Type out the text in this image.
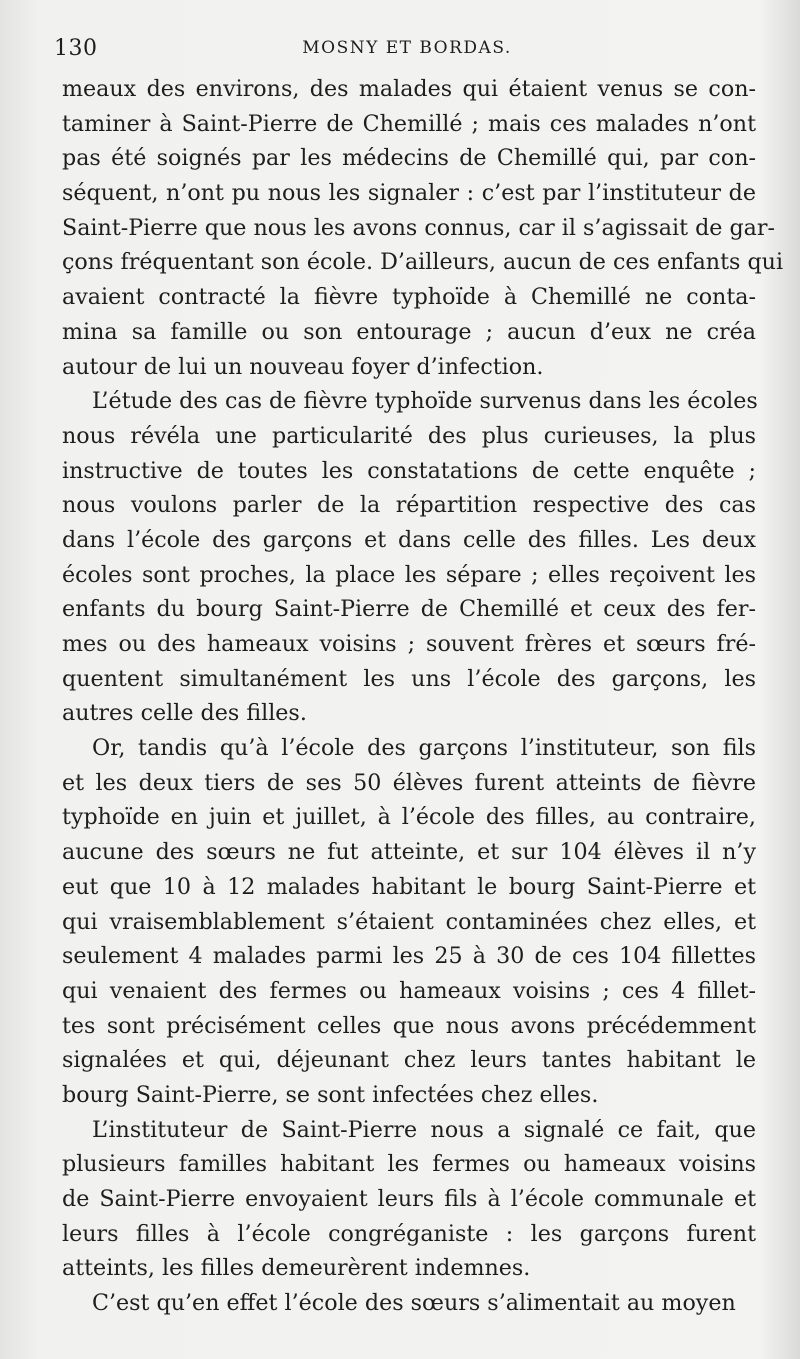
130	MOSNY ET BORDAS.
meaux des environs, des malades qui étaient venus se con-
taminer à Saint-Pierre de Chemillé ; mais ces malades n’ont
pas été soignés par les médecins de Chemillé qui, par con-
séquent, n’ont pu nous les signaler : c’est par l’instituteur de
Saint-Pierre que nous les avons connus, car il s’agissait de gar-
çons fréquentant son école. D’ailleurs, aucun de ces enfants qui
avaient contracté la fièvre typhoïde à Chemillé ne conta-
mina sa famille ou son entourage ; aucun d’eux ne créa
autour de lui un nouveau foyer d’infection.
L’étude des cas de fièvre typhoïde survenus dans les écoles
nous révéla une particularité des plus curieuses, la plus
instructive de toutes les constatations de cette enquête ;
nous voulons parler de la répartition respective des cas
dans l’école des garçons et dans celle des filles. Les deux
écoles sont proches, la place les sépare ; elles reçoivent les
enfants du bourg Saint-Pierre de Chemillé et ceux des fer-
mes ou des hameaux voisins ; souvent frères et sœurs fré-
quentent simultanément les uns l’école des garçons, les
autres celle des filles.
Or, tandis qu’à l’école des garçons l’instituteur, son fils
et les deux tiers de ses 50 élèves furent atteints de fièvre
typhoïde en juin et juillet, à l’école des filles, au contraire,
aucune des sœurs ne fut atteinte, et sur 104 élèves il n’y
eut que 10 à 12 malades habitant le bourg Saint-Pierre et
qui vraisemblablement s’étaient contaminées chez elles, et
seulement 4 malades parmi les 25 à 30 de ces 104 fillettes
qui venaient des fermes ou hameaux voisins ; ces 4 fillet-
tes sont précisément celles que nous avons précédemment
signalées et qui, déjeunant chez leurs tantes habitant le
bourg Saint-Pierre, se sont infectées chez elles.
L’instituteur de Saint-Pierre nous a signalé ce fait, que
plusieurs familles habitant les fermes ou hameaux voisins
de Saint-Pierre envoyaient leurs fils à l’école communale et
leurs filles à l’école congréganiste : les garçons furent
atteints, les filles demeurèrent indemnes.
C’est qu’en effet l’école des sœurs s’alimentait au moyen
